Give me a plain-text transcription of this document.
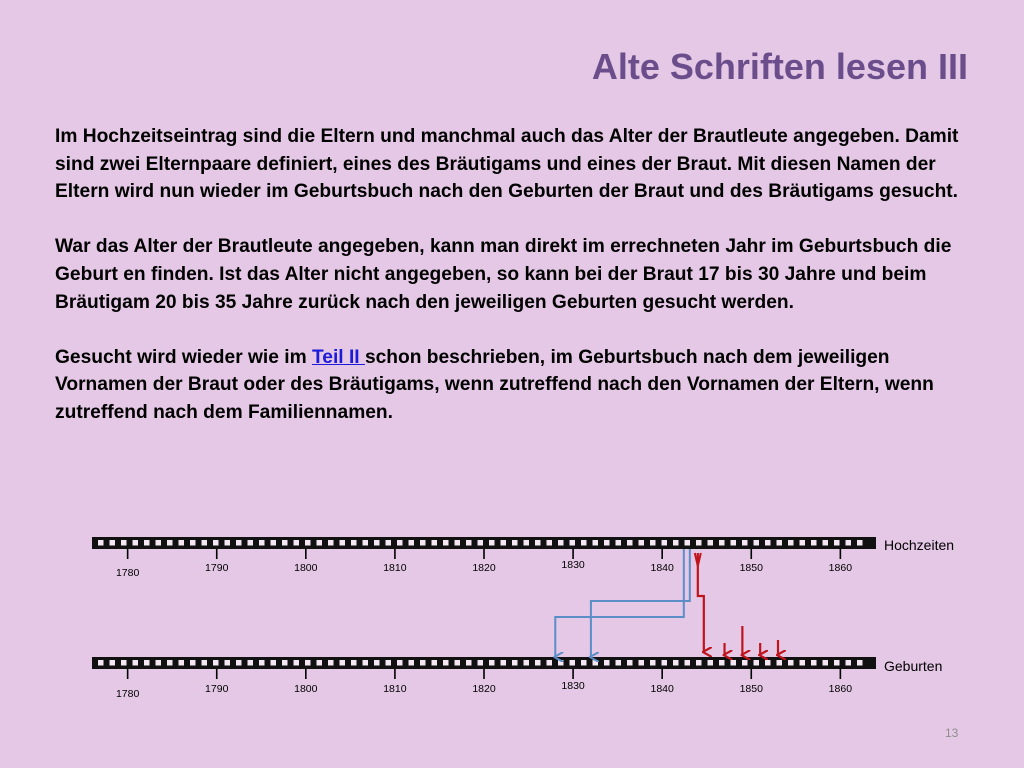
Alte Schriften lesen III

Im Hochzeitseintrag sind die Eltern und manchmal auch das Alter der Brautleute angegeben. Damit sind zwei Elternpaare definiert, eines des Bräutigams und eines der Braut. Mit diesen Namen der Eltern wird nun wieder im Geburtsbuch nach den Geburten der Braut und des Bräutigams gesucht.

War das Alter der Brautleute angegeben, kann man direkt im errechneten Jahr im Geburtsbuch die Geburt en finden. Ist das Alter nicht angegeben, so kann bei der Braut 17 bis 30 Jahre und beim Bräutigam 20 bis 35 Jahre zurück nach den jeweiligen Geburten gesucht werden.

Gesucht wird wieder wie im Teil II schon beschrieben, im Geburtsbuch nach dem jeweiligen Vornamen der Braut oder des Bräutigams, wenn zutreffend nach den Vornamen der Eltern, wenn zutreffend nach dem Familiennamen.

1780	1790	1800	1810	1820	1830	1840	1850	1860
1780	1790	1800	1810	1820	1830	1840	1850	1860
Hochzeiten
Geburten
13
